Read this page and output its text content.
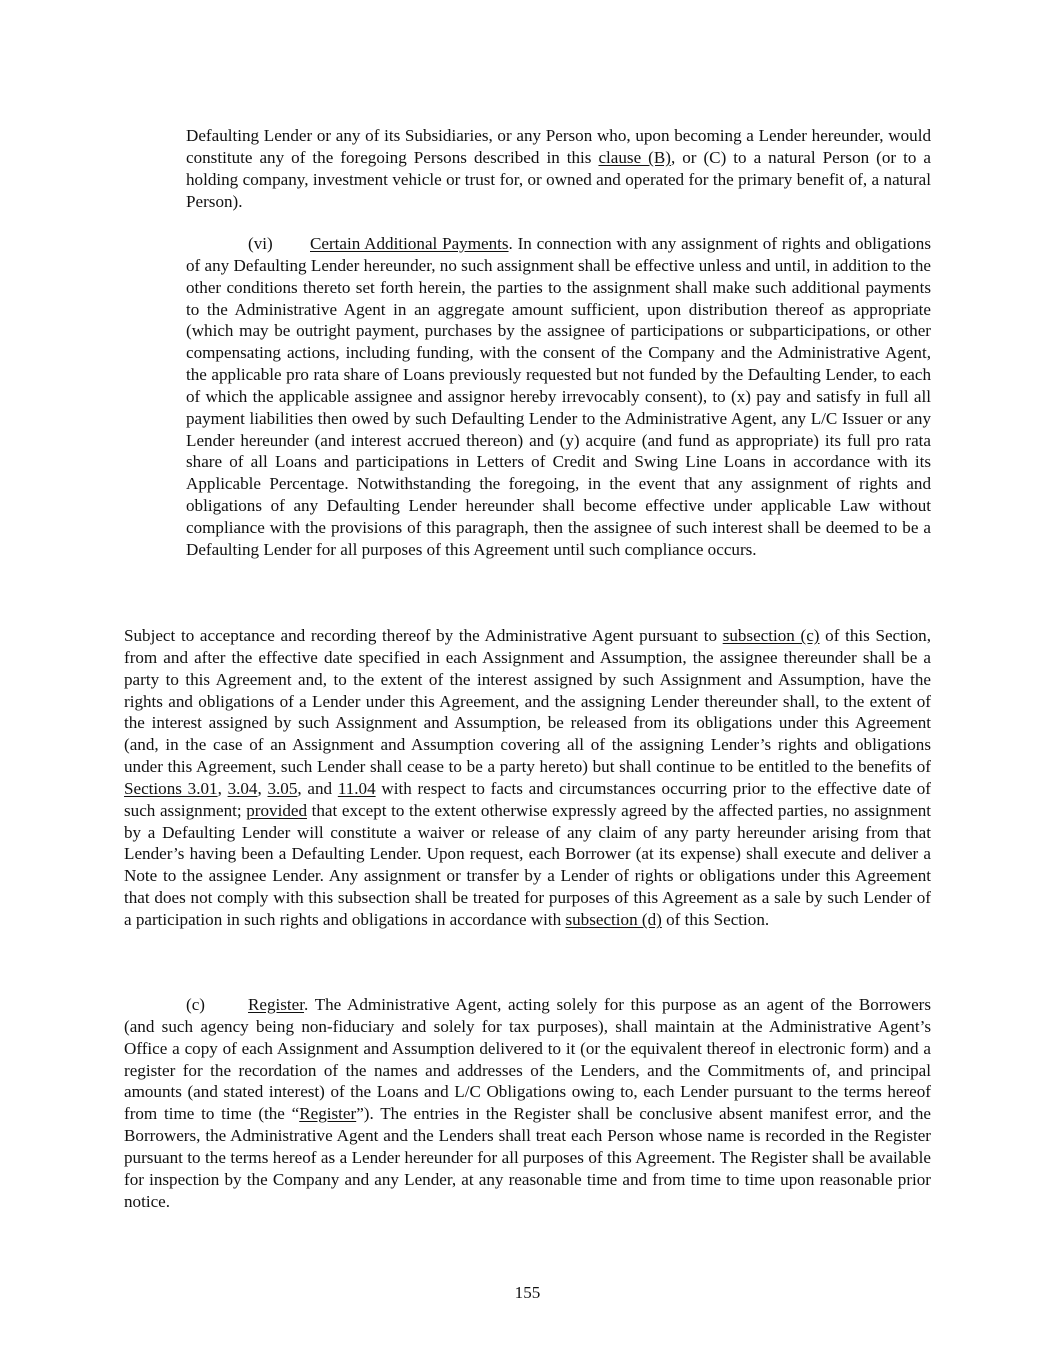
Defaulting Lender or any of its Subsidiaries, or any Person who, upon becoming a Lender hereunder, would constitute any of the foregoing Persons described in this clause (B), or (C) to a natural Person (or to a holding company, investment vehicle or trust for, or owned and operated for the primary benefit of, a natural Person).

(vi) Certain Additional Payments. In connection with any assignment of rights and obligations of any Defaulting Lender hereunder, no such assignment shall be effective unless and until, in addition to the other conditions thereto set forth herein, the parties to the assignment shall make such additional payments to the Administrative Agent in an aggregate amount sufficient, upon distribution thereof as appropriate (which may be outright payment, purchases by the assignee of participations or subparticipations, or other compensating actions, including funding, with the consent of the Company and the Administrative Agent, the applicable pro rata share of Loans previously requested but not funded by the Defaulting Lender, to each of which the applicable assignee and assignor hereby irrevocably consent), to (x) pay and satisfy in full all payment liabilities then owed by such Defaulting Lender to the Administrative Agent, any L/C Issuer or any Lender hereunder (and interest accrued thereon) and (y) acquire (and fund as appropriate) its full pro rata share of all Loans and participations in Letters of Credit and Swing Line Loans in accordance with its Applicable Percentage. Notwithstanding the foregoing, in the event that any assignment of rights and obligations of any Defaulting Lender hereunder shall become effective under applicable Law without compliance with the provisions of this paragraph, then the assignee of such interest shall be deemed to be a Defaulting Lender for all purposes of this Agreement until such compliance occurs.

Subject to acceptance and recording thereof by the Administrative Agent pursuant to subsection (c) of this Section, from and after the effective date specified in each Assignment and Assumption, the assignee thereunder shall be a party to this Agreement and, to the extent of the interest assigned by such Assignment and Assumption, have the rights and obligations of a Lender under this Agreement, and the assigning Lender thereunder shall, to the extent of the interest assigned by such Assignment and Assumption, be released from its obligations under this Agreement (and, in the case of an Assignment and Assumption covering all of the assigning Lender’s rights and obligations under this Agreement, such Lender shall cease to be a party hereto) but shall continue to be entitled to the benefits of Sections 3.01, 3.04, 3.05, and 11.04 with respect to facts and circumstances occurring prior to the effective date of such assignment; provided that except to the extent otherwise expressly agreed by the affected parties, no assignment by a Defaulting Lender will constitute a waiver or release of any claim of any party hereunder arising from that Lender’s having been a Defaulting Lender. Upon request, each Borrower (at its expense) shall execute and deliver a Note to the assignee Lender. Any assignment or transfer by a Lender of rights or obligations under this Agreement that does not comply with this subsection shall be treated for purposes of this Agreement as a sale by such Lender of a participation in such rights and obligations in accordance with subsection (d) of this Section.

(c)	Register. The Administrative Agent, acting solely for this purpose as an agent of the Borrowers (and such agency being non-fiduciary and solely for tax purposes), shall maintain at the Administrative Agent’s Office a copy of each Assignment and Assumption delivered to it (or the equivalent thereof in electronic form) and a register for the recordation of the names and addresses of the Lenders, and the Commitments of, and principal amounts (and stated interest) of the Loans and L/C Obligations owing to, each Lender pursuant to the terms hereof from time to time (the “Register”). The entries in the Register shall be conclusive absent manifest error, and the Borrowers, the Administrative Agent and the Lenders shall treat each Person whose name is recorded in the Register pursuant to the terms hereof as a Lender hereunder for all purposes of this Agreement. The Register shall be available for inspection by the Company and any Lender, at any reasonable time and from time to time upon reasonable prior notice.

155
